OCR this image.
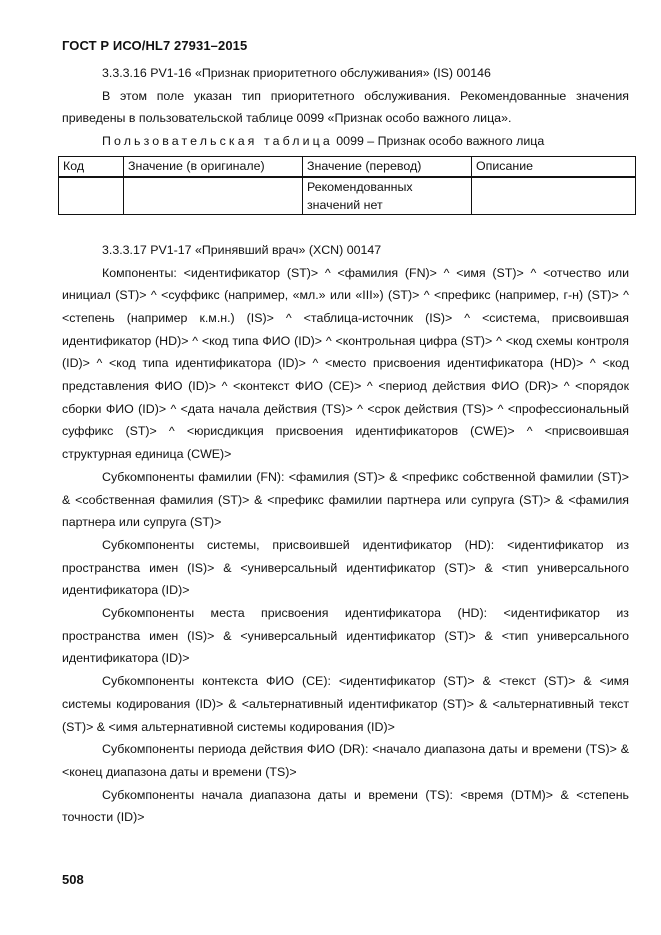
ГОСТ Р ИСО/HL7 27931–2015

3.3.3.16 PV1-16 «Признак приоритетного обслуживания» (IS) 00146

В этом поле указан тип приоритетного обслуживания. Рекомендованные значения приведены в пользовательской таблице 0099 «Признак особо важного лица».

Пользовательская таблица 0099 – Признак особо важного лица

Код	Значение (в оригинале)	Значение (перевод)	Описание
		Рекомендованных значений нет	

3.3.3.17 PV1-17 «Принявший врач» (XCN) 00147

Компоненты: <идентификатор (ST)> ^ <фамилия (FN)> ^ <имя (ST)> ^ <отчество или инициал (ST)> ^ <суффикс (например, «мл.» или «III») (ST)> ^ <префикс (например, г-н) (ST)> ^ <степень (например к.м.н.) (IS)> ^ <таблица-источник (IS)> ^ <система, присвоившая идентификатор (HD)> ^ <код типа ФИО (ID)> ^ <контрольная цифра (ST)> ^ <код схемы контроля (ID)> ^ <код типа идентификатора (ID)> ^ <место присвоения идентификатора (HD)> ^ <код представления ФИО (ID)> ^ <контекст ФИО (CE)> ^ <период действия ФИО (DR)> ^ <порядок сборки ФИО (ID)> ^ <дата начала действия (TS)> ^ <срок действия (TS)> ^ <профессиональный суффикс (ST)> ^ <юрисдикция присвоения идентификаторов (CWE)> ^ <присвоившая структурная единица (CWE)>

Субкомпоненты фамилии (FN): <фамилия (ST)> & <префикс собственной фамилии (ST)> & <собственная фамилия (ST)> & <префикс фамилии партнера или супруга (ST)> & <фамилия партнера или супруга (ST)>

Субкомпоненты системы, присвоившей идентификатор (HD): <идентификатор из пространства имен (IS)> & <универсальный идентификатор (ST)> & <тип универсального идентификатора (ID)>

Субкомпоненты места присвоения идентификатора (HD): <идентификатор из пространства имен (IS)> & <универсальный идентификатор (ST)> & <тип универсального идентификатора (ID)>

Субкомпоненты контекста ФИО (CE): <идентификатор (ST)> & <текст (ST)> & <имя системы кодирования (ID)> & <альтернативный идентификатор (ST)> & <альтернативный текст (ST)> & <имя альтернативной системы кодирования (ID)>

Субкомпоненты периода действия ФИО (DR): <начало диапазона даты и времени (TS)> & <конец диапазона даты и времени (TS)>

Субкомпоненты начала диапазона даты и времени (TS): <время (DTM)> & <степень точности (ID)>

508
